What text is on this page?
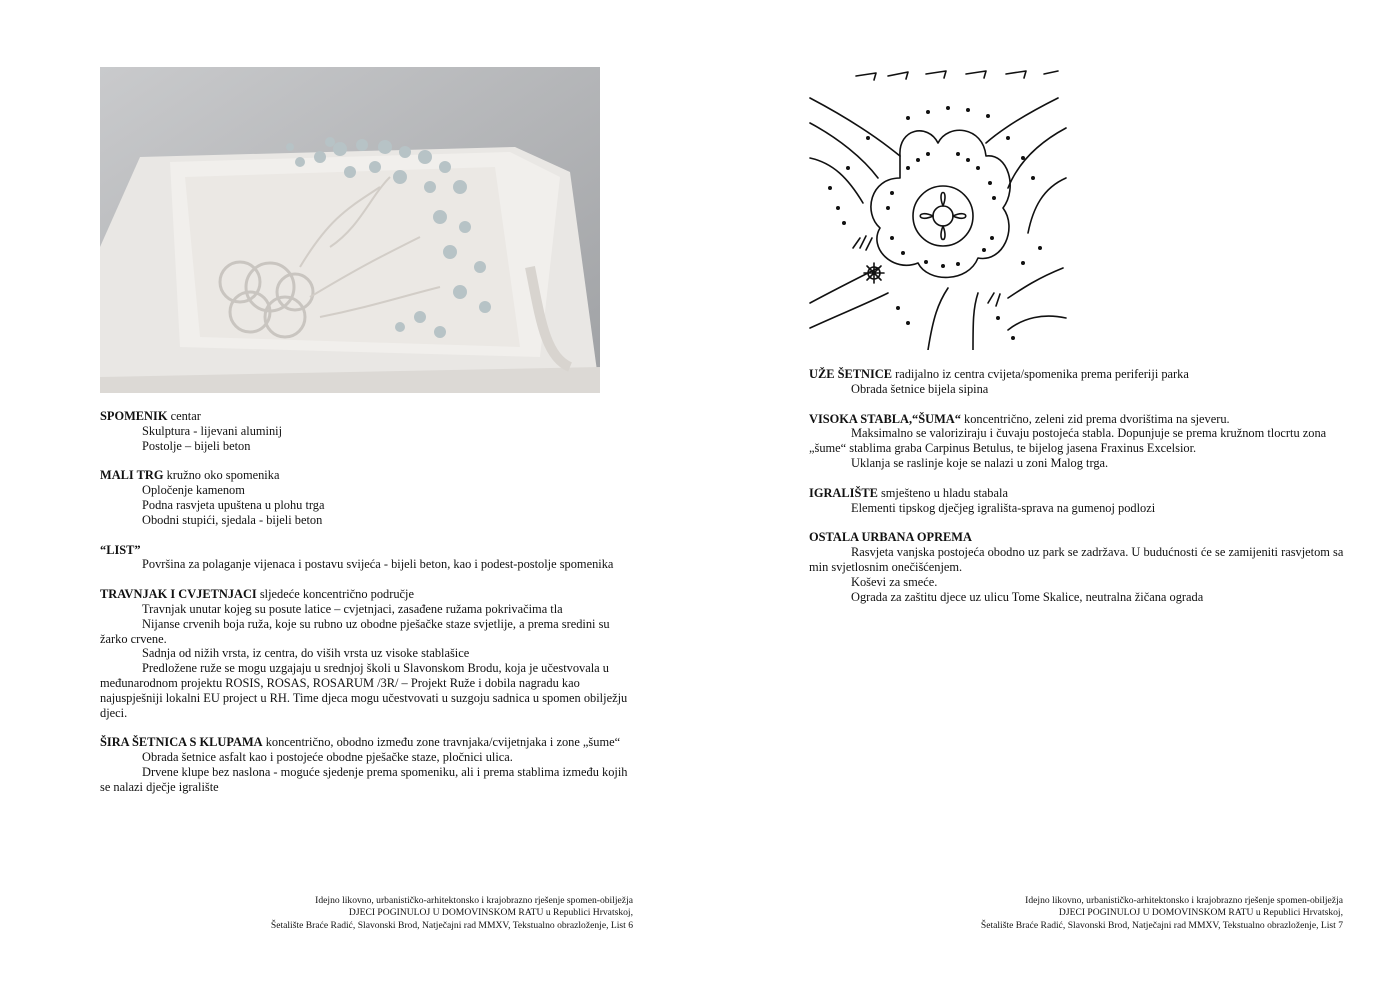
SPOMENIK centar

Skulptura - lijevani aluminij

Postolje – bijeli beton

MALI TRG kružno oko spomenika

Opločenje kamenom

Podna rasvjeta upuštena u plohu trga

Obodni stupići, sjedala - bijeli beton

“LIST”

Površina za polaganje vijenaca i postavu svijeća - bijeli beton, kao i podest-postolje spomenika

TRAVNJAK I CVJETNJACI sljedeće koncentrično područje

Travnjak unutar kojeg su posute latice – cvjetnjaci, zasađene ružama pokrivačima tla

Nijanse crvenih boja ruža, koje su rubno uz obodne pješačke staze svjetlije, a prema sredini su žarko crvene.

Sadnja od nižih vrsta, iz centra, do viših vrsta uz visoke stablašice

Predložene ruže se mogu uzgajaju u srednjoj školi u Slavonskom Brodu, koja je učestvovala u međunarodnom projektu ROSIS, ROSAS, ROSARUM /3R/ – Projekt Ruže i dobila nagradu kao najuspješniji lokalni EU project u RH. Time djeca mogu učestvovati u suzgoju sadnica u spomen obilježju djeci.

ŠIRA ŠETNICA S KLUPAMA koncentrično, obodno između zone travnjaka/cvijetnjaka i zone „šume“

Obrada šetnice asfalt kao i postojeće obodne pješačke staze, pločnici ulica.

Drvene klupe bez naslona - moguće sjedenje prema spomeniku, ali i prema stablima između kojih se nalazi dječje igralište

Idejno likovno, urbanističko-arhitektonsko i krajobrazno rješenje spomen-obilježja

DJECI POGINULOJ U DOMOVINSKOM RATU u Republici Hrvatskoj,

Šetalište Braće Radić, Slavonski Brod, Natječajni rad MMXV, Tekstualno obrazloženje, List 6

UŽE ŠETNICE radijalno iz centra cvijeta/spomenika prema periferiji parka

Obrada šetnice bijela sipina

VISOKA STABLA,“ŠUMA“ koncentrično, zeleni zid prema dvorištima na sjeveru.

Maksimalno se valoriziraju i čuvaju postojeća stabla. Dopunjuje se prema kružnom tlocrtu zona „šume“ stablima graba Carpinus Betulus, te bijelog jasena Fraxinus Excelsior.

Uklanja se raslinje koje se nalazi u zoni Malog trga.

IGRALIŠTE smješteno u hladu stabala

Elementi tipskog dječjeg igrališta-sprava na gumenoj podlozi

OSTALA URBANA OPREMA

Rasvjeta vanjska postojeća obodno uz park se zadržava. U budućnosti će se zamijeniti rasvjetom sa min svjetlosnim onečišćenjem.

Koševi za smeće.

Ograda za zaštitu djece uz ulicu Tome Skalice, neutralna žičana ograda

Idejno likovno, urbanističko-arhitektonsko i krajobrazno rješenje spomen-obilježja

DJECI POGINULOJ U DOMOVINSKOM RATU u Republici Hrvatskoj,

Šetalište Braće Radić, Slavonski Brod, Natječajni rad MMXV, Tekstualno obrazloženje, List 7
